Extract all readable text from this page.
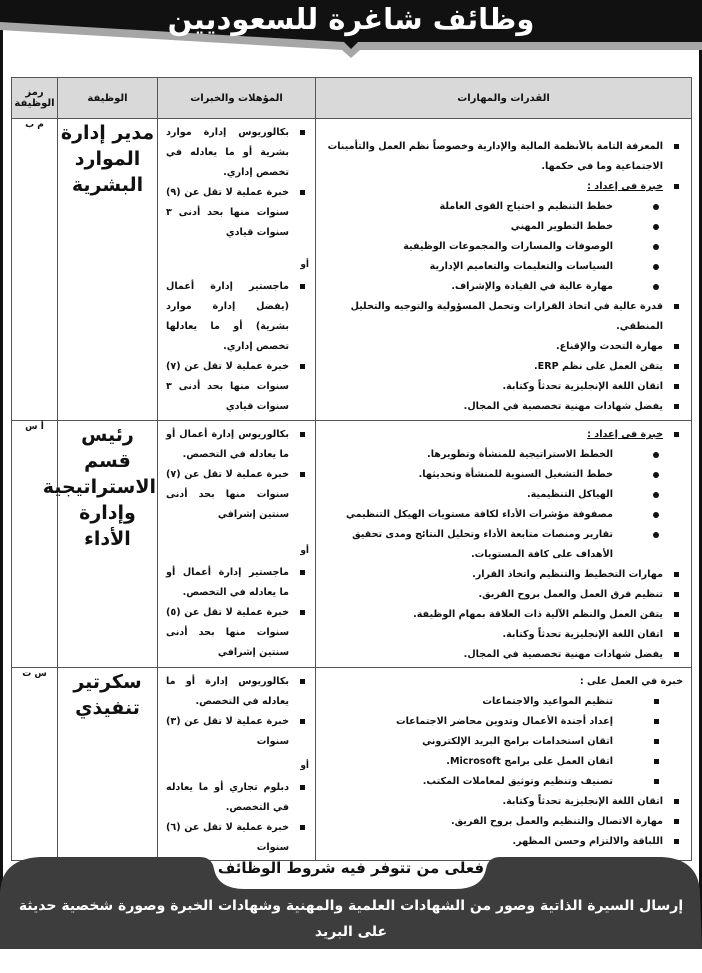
وظائف شاغرة للسعوديين
القدرات والمهارات	المؤهلات والخبرات	الوظيفة	رمز الوظيفة

المعرفة التامة بالأنظمة المالية والإدارية وخصوصاً نظم العمل والتأمينات الاجتماعية وما في حكمها.
خبرة في إعداد :
خطط التنظيم و احتياج القوى العاملة
خطط التطوير المهني
الوصوفات والمسارات والمجموعات الوظيفية
السياسات والتعليمات والتعاميم الإدارية
مهارة عالية في القيادة والإشراف.
قدرة عالية في اتخاذ القرارات وتحمل المسؤولية والتوجيه والتحليل المنطقي.
مهارة التحدث والإقناع.
يتقن العمل على نظم ERP.
اتقان اللغة الإنجليزية تحدثاً وكتابة.
يفضل شهادات مهنية تخصصية في المجال.

بكالوريوس إدارة موارد بشرية أو ما يعادله في تخصص إداري.
خبرة عملية لا تقل عن (٩) سنوات منها بحد أدنى ٣ سنوات قيادي
أو
ماجستير إدارة أعمال (يفضل إدارة موارد بشرية) أو ما يعادلها تخصص إداري.
خبرة عملية لا تقل عن (٧) سنوات منها بحد أدنى ٣ سنوات قيادي
	مدير إدارة الموارد البشرية	م ب

خبرة في إعداد :
الخطط الاستراتيجية للمنشأة وتطويرها.
خطط التشغيل السنوية للمنشأة وتحديثها.
الهياكل التنظيمية.
مصفوفة مؤشرات الأداء لكافة مستويات الهيكل التنظيمي
تقارير ومنصات متابعة الأداء وتحليل النتائج ومدى تحقيق الأهداف على كافة المستويات.
مهارات التخطيط والتنظيم واتخاذ القرار.
تنظيم فرق العمل والعمل بروح الفريق.
يتقن العمل والنظم الآلية ذات العلاقة بمهام الوظيفة.
اتقان اللغة الإنجليزية تحدثاً وكتابة.
يفضل شهادات مهنية تخصصية في المجال.

بكالوريوس إدارة أعمال أو ما يعادله في التخصص.
خبرة عملية لا تقل عن (٧) سنوات منها بحد أدنى سنتين إشرافي
أو
ماجستير إدارة أعمال أو ما يعادله في التخصص.
خبرة عملية لا تقل عن (٥) سنوات منها بحد أدنى سنتين إشرافي
	رئيس قسم الاستراتيجية وإدارة الأداء	أ س

خبرة في العمل على :
تنظيم المواعيد والاجتماعات
إعداد أجندة الأعمال وتدوين محاضر الاجتماعات
اتقان استخدامات برامج البريد الإلكتروني
اتقان العمل على برامج Microsoft.
تصنيف وتنظيم وتوثيق لمعاملات المكتب.
اتقان اللغة الإنجليزية تحدثاً وكتابة.
مهارة الاتصال والتنظيم والعمل بروح الفريق.
اللباقة والالتزام وحسن المظهر.

بكالوريوس إدارة أو ما يعادله في التخصص.
خبرة عملية لا تقل عن (٣) سنوات
أو
دبلوم تجاري أو ما يعادله في التخصص.
خبرة عملية لا تقل عن (٦) سنوات
	سكرتير تنفيذي	س ت
فعلى من تتوفر فيه شروط الوظائف
إرسال السيرة الذاتية وصور من الشهادات العلمية والمهنية وشهادات الخبرة وصورة شخصية حديثة على البريد
الإلكتروني jobs@cchi.gov.sa مع إدراج رمز الوظيفة في خانة الموضوع للبريد الإلكتروني.
